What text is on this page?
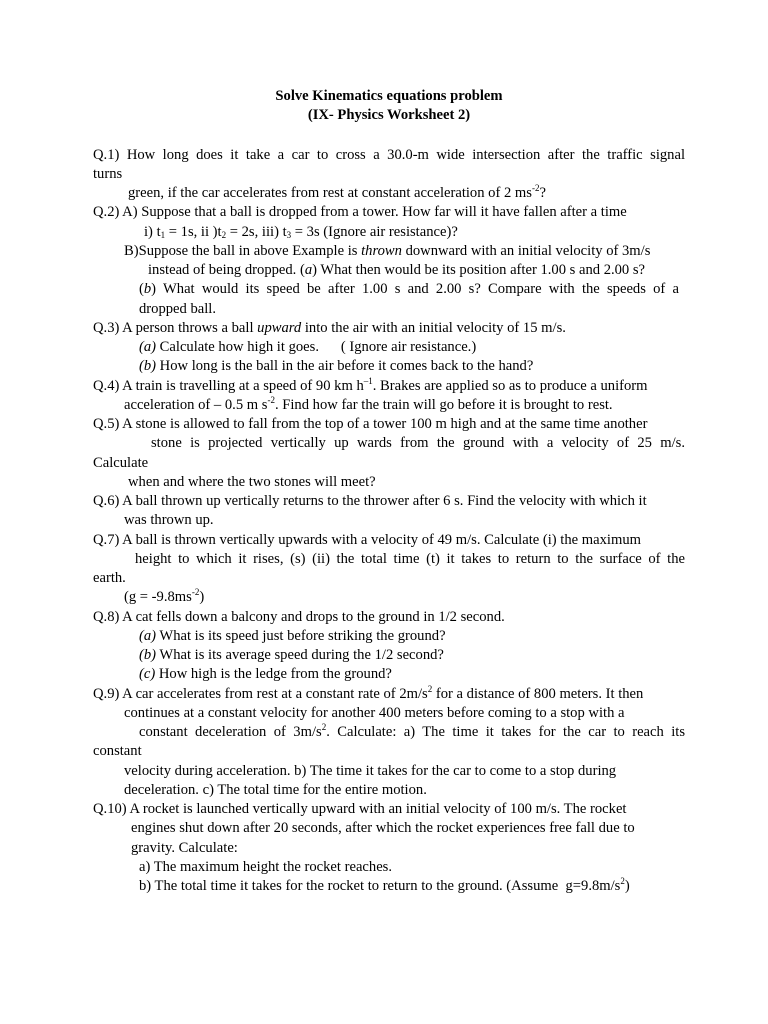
Solve Kinematics equations problem
(IX- Physics Worksheet 2)
Q.1) How long does it take a car to cross a 30.0-m wide intersection after the traffic signal
turns
green, if the car accelerates from rest at constant acceleration of 2 $ms^{-2}$?
Q.2) A) Suppose that a ball is dropped from a tower. How far will it have fallen after a time
i) $t_1 = 1s$, ii )$t_2 = 2s$, iii) $t_3 = 3s$ (Ignore air resistance)?
B)Suppose the ball in above Example is thrown downward with an initial velocity of 3m/s
instead of being dropped. (a) What then would be its position after 1.00 s and 2.00 s?
(b) What would its speed be after 1.00 s and 2.00 s? Compare with the speeds of a
dropped ball.
Q.3) A person throws a ball upward into the air with an initial velocity of 15 m/s.
(a) Calculate how high it goes.      ( Ignore air resistance.)
(b) How long is the ball in the air before it comes back to the hand?
Q.4) A train is travelling at a speed of 90 km $h^{-1}$. Brakes are applied so as to produce a uniform
acceleration of – 0.5 m $s^{-2}$. Find how far the train will go before it is brought to rest.
Q.5) A stone is allowed to fall from the top of a tower 100 m high and at the same time another
stone is projected vertically up wards from the ground with a velocity of 25 m/s.
Calculate
when and where the two stones will meet?
Q.6) A ball thrown up vertically returns to the thrower after 6 s. Find the velocity with which it
was thrown up.
Q.7) A ball is thrown vertically upwards with a velocity of 49 m/s. Calculate (i) the maximum
height to which it rises, (s) (ii) the total time (t) it takes to return to the surface of the
earth.
$(g = -9.8ms^{-2})$
Q.8) A cat fells down a balcony and drops to the ground in 1/2 second.
(a) What is its speed just before striking the ground?
(b) What is its average speed during the 1/2 second?
(c) How high is the ledge from the ground?
Q.9) A car accelerates from rest at a constant rate of $2m/s^2$ for a distance of 800 meters. It then
continues at a constant velocity for another 400 meters before coming to a stop with a
constant deceleration of $3m/s^2$. Calculate: a) The time it takes for the car to reach its
constant
velocity during acceleration. b) The time it takes for the car to come to a stop during
deceleration. c) The total time for the entire motion.
Q.10) A rocket is launched vertically upward with an initial velocity of 100 m/s. The rocket
engines shut down after 20 seconds, after which the rocket experiences free fall due to
gravity. Calculate:
a) The maximum height the rocket reaches.
b) The total time it takes for the rocket to return to the ground. (Assume  $g=9.8m/s^2$)
